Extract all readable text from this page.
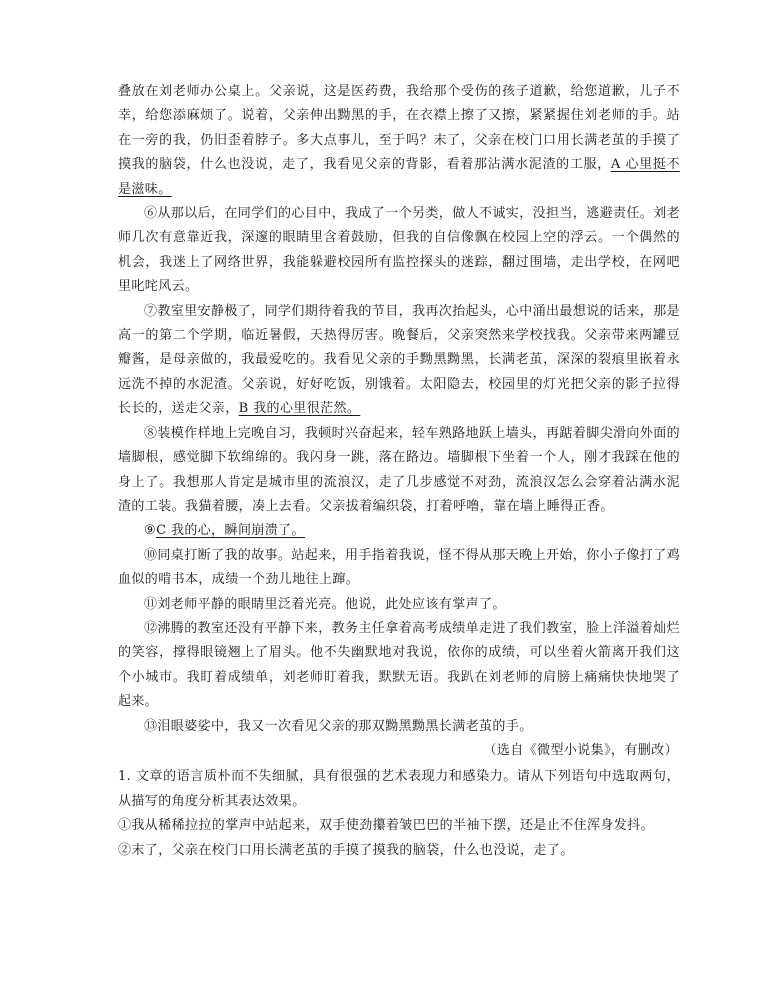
叠放在刘老师办公桌上。父亲说，这是医药费，我给那个受伤的孩子道歉，给您道歉，儿子不幸，给您添麻烦了。说着，父亲伸出黝黑的手，在衣襟上擦了又擦，紧紧握住刘老师的手。站在一旁的我，仍旧歪着脖子。多大点事儿，至于吗？末了，父亲在校门口用长满老茧的手摸了摸我的脑袋，什么也没说，走了，我看见父亲的背影，看着那沾满水泥渣的工服，A 心里挺不是滋味。

⑥从那以后，在同学们的心目中，我成了一个另类，做人不诚实，没担当，逃避责任。刘老师几次有意靠近我，深邃的眼睛里含着鼓励，但我的自信像飘在校园上空的浮云。一个偶然的机会，我迷上了网络世界，我能躲避校园所有监控探头的迷踪，翻过围墙，走出学校，在网吧里叱咤风云。

⑦教室里安静极了，同学们期待着我的节目，我再次抬起头，心中涌出最想说的话来，那是高一的第二个学期，临近暑假，天热得厉害。晚餐后，父亲突然来学校找我。父亲带来两罐豆瓣酱，是母亲做的，我最爱吃的。我看见父亲的手黝黑黝黑，长满老茧，深深的裂痕里嵌着永远洗不掉的水泥渣。父亲说，好好吃饭，别饿着。太阳隐去，校园里的灯光把父亲的影子拉得长长的，送走父亲，B 我的心里很茫然。

⑧装模作样地上完晚自习，我顿时兴奋起来，轻车熟路地跃上墙头，再踮着脚尖滑向外面的墙脚根，感觉脚下软绵绵的。我闪身一跳，落在路边。墙脚根下坐着一个人，刚才我踩在他的身上了。我想那人肯定是城市里的流浪汉，走了几步感觉不对劲，流浪汉怎么会穿着沾满水泥渣的工装。我猫着腰，凑上去看。父亲拔着编织袋，打着呼噜，靠在墙上睡得正香。

⑨C 我的心，瞬间崩溃了。

⑩同桌打断了我的故事。站起来，用手指着我说，怪不得从那天晚上开始，你小子像打了鸡血似的啃书本，成绩一个劲儿地往上蹿。

⑪刘老师平静的眼睛里泛着光亮。他说，此处应该有掌声了。

⑫沸腾的教室还没有平静下来，教务主任拿着高考成绩单走进了我们教室，脸上洋溢着灿烂的笑容，撑得眼镜翘上了眉头。他不失幽默地对我说，依你的成绩，可以坐着火箭离开我们这个小城市。我盯着成绩单，刘老师盯着我，默默无语。我趴在刘老师的肩膀上痛痛快快地哭了起来。

⑬泪眼婆娑中，我又一次看见父亲的那双黝黑黝黑长满老茧的手。

（选自《微型小说集》，有删改）

1. 文章的语言质朴而不失细腻，具有很强的艺术表现力和感染力。请从下列语句中选取两句，从描写的角度分析其表达效果。

①我从稀稀拉拉的掌声中站起来，双手使劲攥着皱巴巴的半袖下摆，还是止不住浑身发抖。

②末了，父亲在校门口用长满老茧的手摸了摸我的脑袋，什么也没说，走了。
